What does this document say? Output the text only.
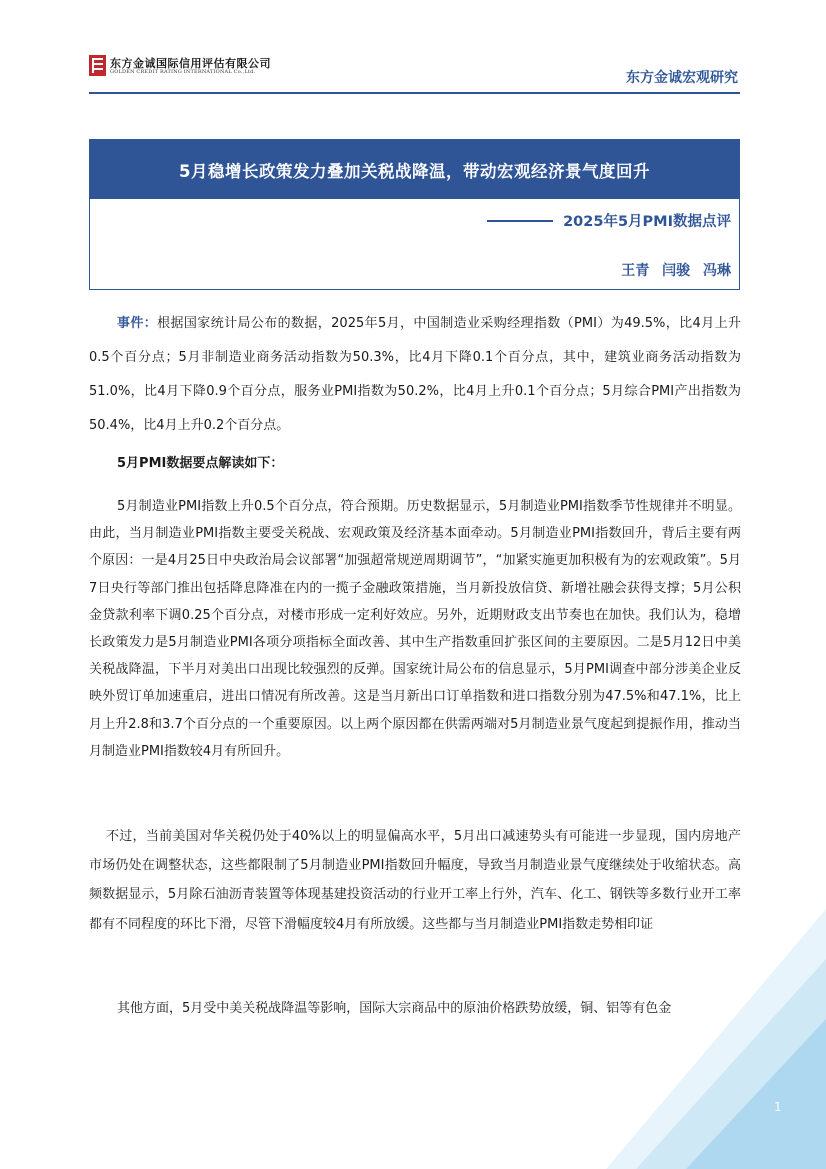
东方金诚国际信用评估有限公司
GOLDEN CREDIT RATING INTERNATIONAL Co.,Ltd.	东方金诚宏观研究
5月稳增长政策发力叠加关税战降温，带动宏观经济景气度回升
2025年5月PMI数据点评
王青 闫骏 冯琳

事件：根据国家统计局公布的数据，2025年5月，中国制造业采购经理指数（PMI）为49.5%，比4月上升0.5个百分点；5月非制造业商务活动指数为50.3%，比4月下降0.1个百分点，其中，建筑业商务活动指数为51.0%，比4月下降0.9个百分点，服务业PMI指数为50.2%，比4月上升0.1个百分点；5月综合PMI产出指数为50.4%，比4月上升0.2个百分点。

5月PMI数据要点解读如下：

5月制造业PMI指数上升0.5个百分点，符合预期。历史数据显示，5月制造业PMI指数季节性规律并不明显。由此，当月制造业PMI指数主要受关税战、宏观政策及经济基本面牵动。5月制造业PMI指数回升，背后主要有两个原因：一是4月25日中央政治局会议部署“加强超常规逆周期调节”，“加紧实施更加积极有为的宏观政策”。5月7日央行等部门推出包括降息降准在内的一揽子金融政策措施，当月新投放信贷、新增社融会获得支撑；5月公积金贷款利率下调0.25个百分点，对楼市形成一定利好效应。另外，近期财政支出节奏也在加快。我们认为，稳增长政策发力是5月制造业PMI各项分项指标全面改善、其中生产指数重回扩张区间的主要原因。二是5月12日中美关税战降温，下半月对美出口出现比较强烈的反弹。国家统计局公布的信息显示，5月PMI调查中部分涉美企业反映外贸订单加速重启，进出口情况有所改善。这是当月新出口订单指数和进口指数分别为47.5%和47.1%，比上月上升2.8和3.7个百分点的一个重要原因。以上两个原因都在供需两端对5月制造业景气度起到提振作用，推动当月制造业PMI指数较4月有所回升。

不过，当前美国对华关税仍处于40%以上的明显偏高水平，5月出口减速势头有可能进一步显现，国内房地产市场仍处在调整状态，这些都限制了5月制造业PMI指数回升幅度，导致当月制造业景气度继续处于收缩状态。高频数据显示，5月除石油沥青装置等体现基建投资活动的行业开工率上行外，汽车、化工、钢铁等多数行业开工率都有不同程度的环比下滑，尽管下滑幅度较4月有所放缓。这些都与当月制造业PMI指数走势相印证

其他方面，5月受中美关税战降温等影响，国际大宗商品中的原油价格跌势放缓，铜、铝等有色金

1
